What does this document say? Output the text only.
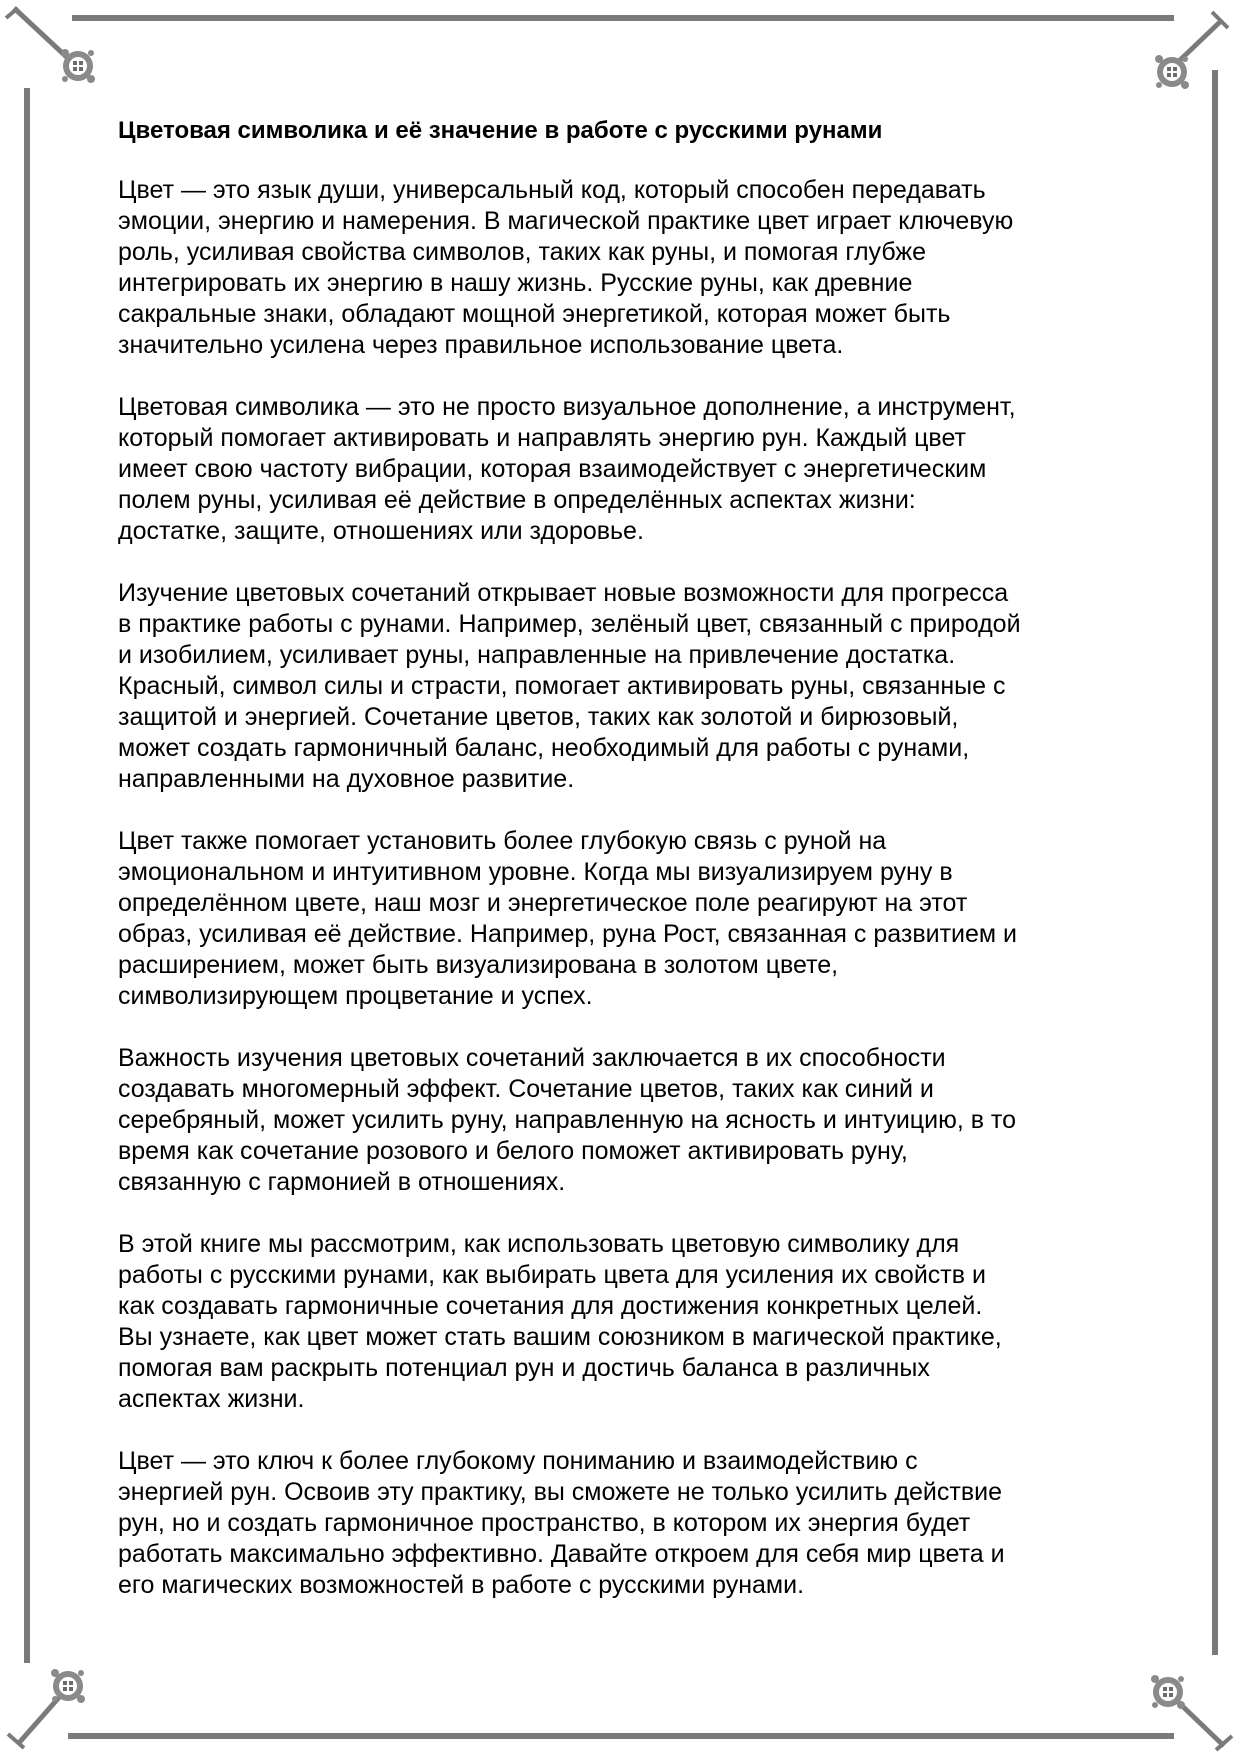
Цветовая символика и её значение в работе с русскими рунами
Цвет — это язык души, универсальный код, который способен передавать
эмоции, энергию и намерения. В магической практике цвет играет ключевую
роль, усиливая свойства символов, таких как руны, и помогая глубже
интегрировать их энергию в нашу жизнь. Русские руны, как древние
сакральные знаки, обладают мощной энергетикой, которая может быть
значительно усилена через правильное использование цвета.
Цветовая символика — это не просто визуальное дополнение, а инструмент,
который помогает активировать и направлять энергию рун. Каждый цвет
имеет свою частоту вибрации, которая взаимодействует с энергетическим
полем руны, усиливая её действие в определённых аспектах жизни:
достатке, защите, отношениях или здоровье.
Изучение цветовых сочетаний открывает новые возможности для прогресса
в практике работы с рунами. Например, зелёный цвет, связанный с природой
и изобилием, усиливает руны, направленные на привлечение достатка.
Красный, символ силы и страсти, помогает активировать руны, связанные с
защитой и энергией. Сочетание цветов, таких как золотой и бирюзовый,
может создать гармоничный баланс, необходимый для работы с рунами,
направленными на духовное развитие.
Цвет также помогает установить более глубокую связь с руной на
эмоциональном и интуитивном уровне. Когда мы визуализируем руну в
определённом цвете, наш мозг и энергетическое поле реагируют на этот
образ, усиливая её действие. Например, руна Рост, связанная с развитием и
расширением, может быть визуализирована в золотом цвете,
символизирующем процветание и успех.
Важность изучения цветовых сочетаний заключается в их способности
создавать многомерный эффект. Сочетание цветов, таких как синий и
серебряный, может усилить руну, направленную на ясность и интуицию, в то
время как сочетание розового и белого поможет активировать руну,
связанную с гармонией в отношениях.
В этой книге мы рассмотрим, как использовать цветовую символику для
работы с русскими рунами, как выбирать цвета для усиления их свойств и
как создавать гармоничные сочетания для достижения конкретных целей.
Вы узнаете, как цвет может стать вашим союзником в магической практике,
помогая вам раскрыть потенциал рун и достичь баланса в различных
аспектах жизни.
Цвет — это ключ к более глубокому пониманию и взаимодействию с
энергией рун. Освоив эту практику, вы сможете не только усилить действие
рун, но и создать гармоничное пространство, в котором их энергия будет
работать максимально эффективно. Давайте откроем для себя мир цвета и
его магических возможностей в работе с русскими рунами.
